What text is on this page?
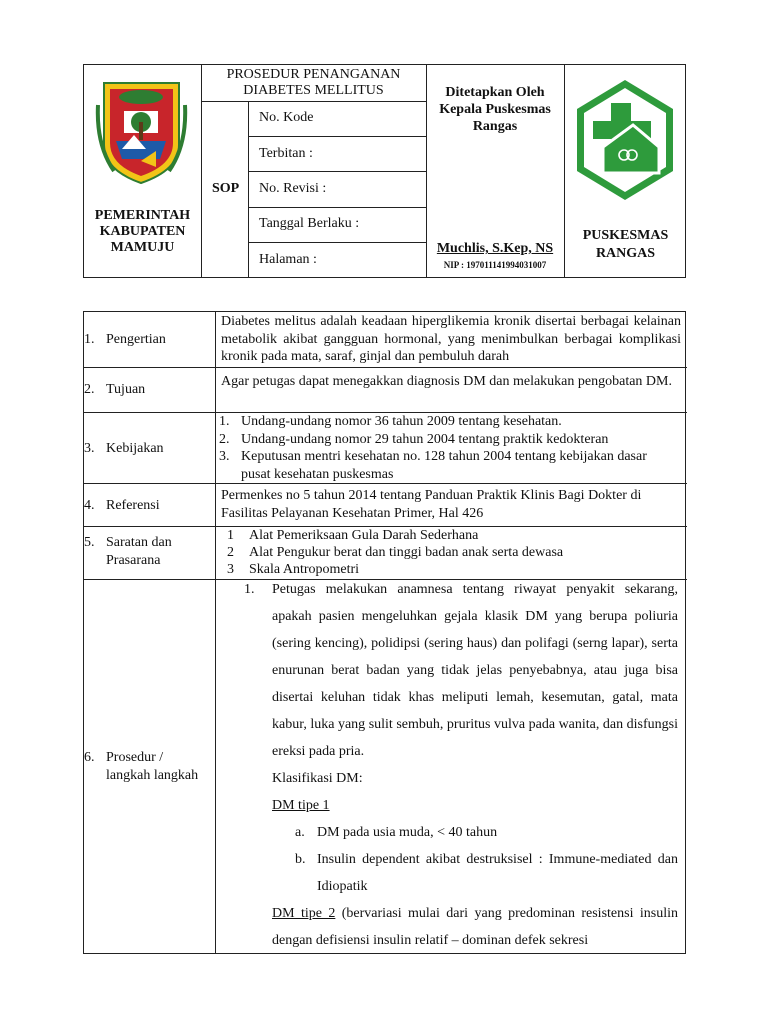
PEMERINTAH
KABUPATEN
MAMUJU
PROSEDUR PENANGANAN
DIABETES MELLITUS
SOP
No. Kode
Terbitan :
No. Revisi :
Tanggal Berlaku :
Halaman :
Ditetapkan Oleh
Kepala Puskesmas
Rangas
Muchlis, S.Kep, NS
NIP : 197011141994031007
PUSKESMAS
RANGAS
1. Pengertian
Diabetes melitus adalah keadaan hiperglikemia kronik disertai berbagai kelainan metabolik akibat gangguan hormonal, yang menimbulkan berbagai komplikasi kronik pada mata, saraf, ginjal dan pembuluh darah
2. Tujuan
Agar petugas dapat menegakkan diagnosis DM dan melakukan pengobatan DM.
3. Kebijakan
1. Undang-undang nomor 36 tahun 2009 tentang kesehatan.
2. Undang-undang nomor 29 tahun 2004 tentang praktik kedokteran
3. Keputusan mentri kesehatan no. 128 tahun 2004 tentang kebijakan dasar pusat kesehatan puskesmas
4. Referensi
Permenkes no 5 tahun 2014 tentang Panduan Praktik Klinis Bagi Dokter di Fasilitas Pelayanan Kesehatan Primer, Hal 426
5. Saratan dan
Prasarana
1 Alat Pemeriksaan Gula Darah Sederhana
2 Alat Pengukur berat dan tinggi badan anak serta dewasa
3 Skala Antropometri
6. Prosedur /
langkah langkah
1.	Petugas melakukan anamnesa tentang riwayat penyakit sekarang, apakah pasien mengeluhkan gejala klasik DM yang berupa poliuria (sering kencing), polidipsi (sering haus) dan polifagi (serng lapar), serta enurunan berat badan yang tidak jelas penyebabnya, atau juga bisa disertai keluhan tidak khas meliputi lemah, kesemutan, gatal, mata kabur, luka yang sulit sembuh, pruritus vulva pada wanita, dan disfungsi ereksi pada pria.
Klasifikasi DM:
DM tipe 1
a. DM pada usia muda, < 40 tahun
b. Insulin dependent akibat destruksisel : Immune-mediated dan Idiopatik
DM tipe 2 (bervariasi mulai dari yang predominan resistensi insulin dengan defisiensi insulin relatif – dominan defek sekresi
